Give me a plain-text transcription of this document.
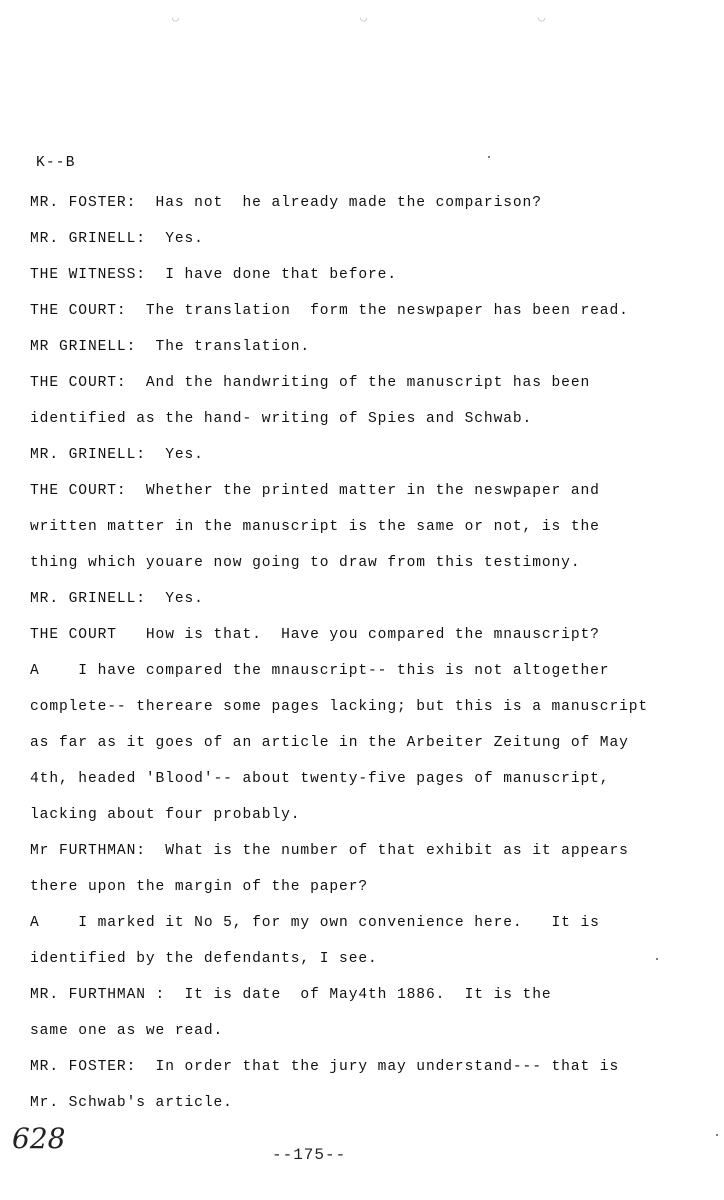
◡	◡	◡
K--B
MR. FOSTER:  Has not  he already made the comparison?
MR. GRINELL:  Yes.
THE WITNESS:  I have done that before.
THE COURT:  The translation  form the neswpaper has been read.
MR GRINELL:  The translation.
THE COURT:  And the handwriting of the manuscript has been
identified as the hand- writing of Spies and Schwab.
MR. GRINELL:  Yes.
THE COURT:  Whether the printed matter in the neswpaper and
written matter in the manuscript is the same or not, is the
thing which youare now going to draw from this testimony.
MR. GRINELL:  Yes.
THE COURT   How is that.  Have you compared the mnauscript?
A    I have compared the mnauscript-- this is not altogether
complete-- thereare some pages lacking; but this is a manuscript
as far as it goes of an article in the Arbeiter Zeitung of May
4th, headed 'Blood'-- about twenty-five pages of manuscript,
lacking about four probably.
Mr FURTHMAN:  What is the number of that exhibit as it appears
there upon the margin of the paper?
A    I marked it No 5, for my own convenience here.   It is
identified by the defendants, I see.
MR. FURTHMAN :  It is date  of May4th 1886.  It is the
same one as we read.
MR. FOSTER:  In order that the jury may understand--- that is
Mr. Schwab's article.
628	--175--
